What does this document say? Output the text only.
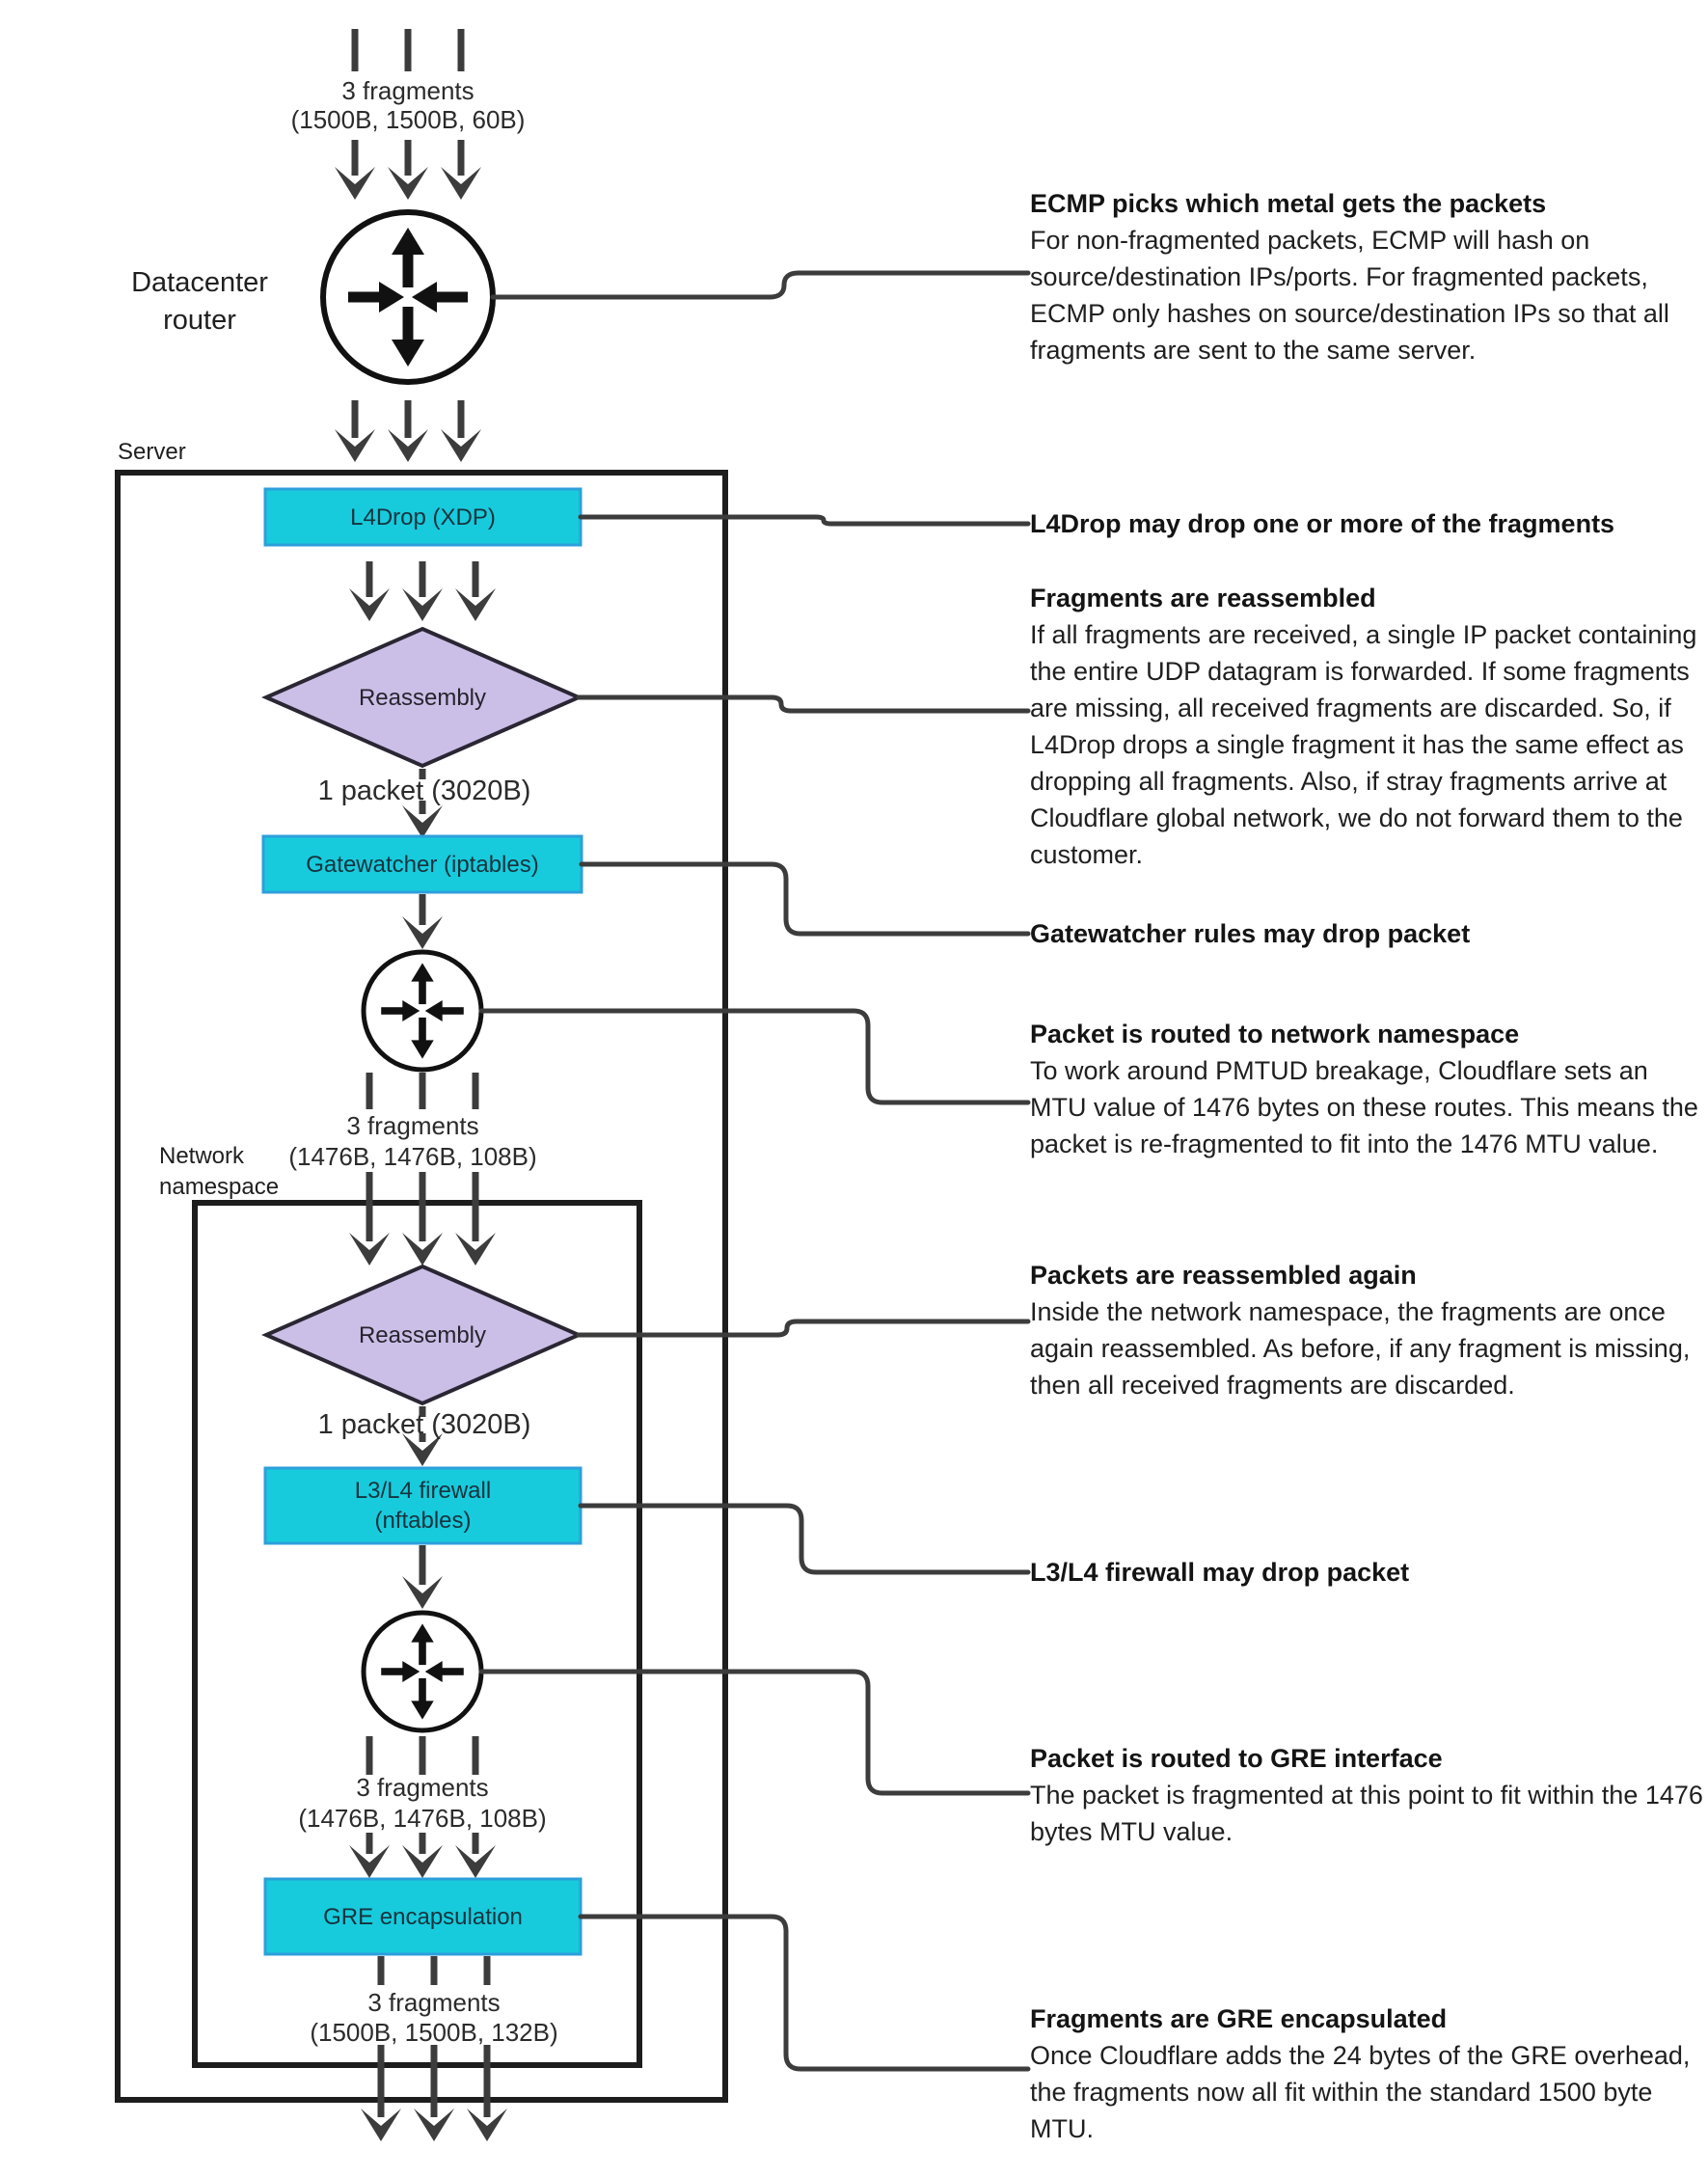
Datacenter router
Server
Network namespace
3 fragments
(1500B, 1500B, 60B)
L4Drop (XDP)
Reassembly
1 packet (3020B)
Gatewatcher (iptables)
3 fragments
(1476B, 1476B, 108B)
Reassembly
1 packet (3020B)
L3/L4 firewall
(nftables)
3 fragments
(1476B, 1476B, 108B)
GRE encapsulation
3 fragments
(1500B, 1500B, 132B)
ECMP picks which metal gets the packets
For non-fragmented packets, ECMP will hash on source/destination IPs/ports. For fragmented packets, ECMP only hashes on source/destination IPs so that all fragments are sent to the same server.
L4Drop may drop one or more of the fragments
Fragments are reassembled
If all fragments are received, a single IP packet containing the entire UDP datagram is forwarded. If some fragments are missing, all received fragments are discarded. So, if L4Drop drops a single fragment it has the same effect as dropping all fragments. Also, if stray fragments arrive at Cloudflare global network, we do not forward them to the customer.
Gatewatcher rules may drop packet
Packet is routed to network namespace
To work around PMTUD breakage, Cloudflare sets an MTU value of 1476 bytes on these routes. This means the packet is re-fragmented to fit into the 1476 MTU value.
Packets are reassembled again
Inside the network namespace, the fragments are once again reassembled. As before, if any fragment is missing, then all received fragments are discarded.
L3/L4 firewall may drop packet
Packet is routed to GRE interface
The packet is fragmented at this point to fit within the 1476 bytes MTU value.
Fragments are GRE encapsulated
Once Cloudflare adds the 24 bytes of the GRE overhead, the fragments now all fit within the standard 1500 byte MTU.
